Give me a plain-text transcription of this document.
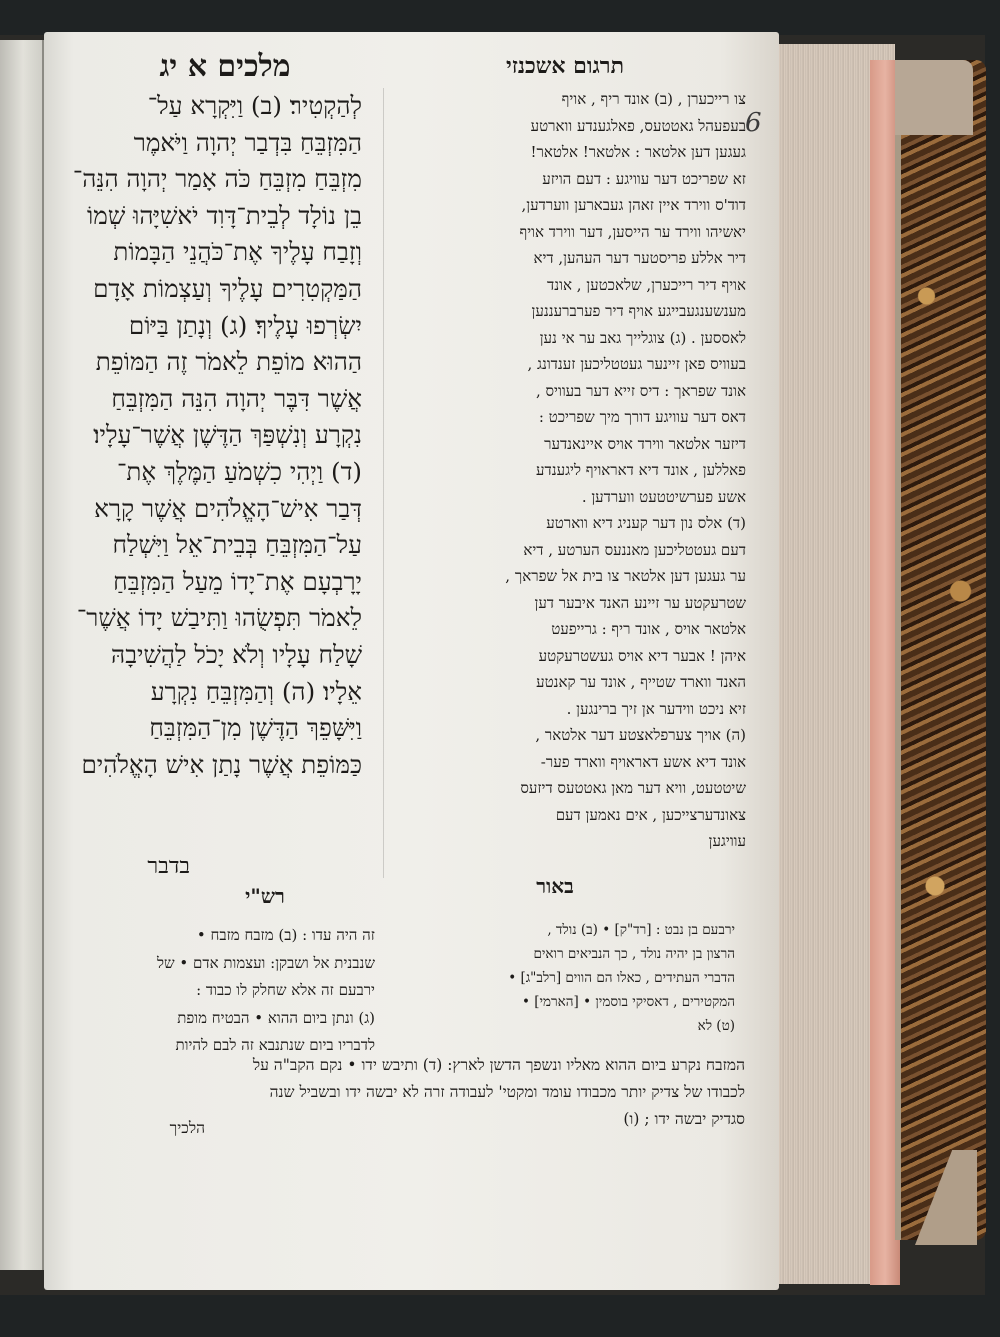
מלכים א יג	תרגום אשכנזי
6
לְהַקְטִיר׃ (ב) וַיִּקְרָא עַל־
הַמִּזְבֵּחַ בִּדְבַר יְהוָה וַיֹּאמֶר
מִזְבֵּחַ מִזְבֵּחַ כֹּה אָמַר יְהוָה הִנֵּה־
בֵן נוֹלָד לְבֵית־דָּוִד יֹאשִׁיָּהוּ שְׁמוֹ
וְזָבַח עָלֶיךָ אֶת־כֹּהֲנֵי הַבָּמוֹת
הַמַּקְטִרִים עָלֶיךָ וְעַצְמוֹת אָדָם
יִשְׂרְפוּ עָלֶיךָ׃ (ג) וְנָתַן בַּיּוֹם
הַהוּא מוֹפֵת לֵאמֹר זֶה הַמּוֹפֵת
אֲשֶׁר דִּבֶּר יְהוָה הִנֵּה הַמִּזְבֵּחַ
נִקְרָע וְנִשְׁפַּךְ הַדֶּשֶׁן אֲשֶׁר־עָלָיו׃
(ד) וַיְהִי כִשְׁמֹעַ הַמֶּלֶךְ אֶת־
דְּבַר אִישׁ־הָאֱלֹהִים אֲשֶׁר קָרָא
עַל־הַמִּזְבֵּחַ בְּבֵית־אֵל וַיִּשְׁלַח
יָרָבְעָם אֶת־יָדוֹ מֵעַל הַמִּזְבֵּחַ
לֵאמֹר תִּפְשֻׂהוּ וַתִּיבַשׁ יָדוֹ אֲשֶׁר־
שָׁלַח עָלָיו וְלֹא יָכֹל לַהֲשִׁיבָהּ
אֵלָיו׃ (ה) וְהַמִּזְבֵּחַ נִקְרָע
וַיִּשָּׁפֵךְ הַדֶּשֶׁן מִן־הַמִּזְבֵּחַ
כַּמּוֹפֵת אֲשֶׁר נָתַן אִישׁ הָאֱלֹהִים
בדבר
צו רייכערן , (ב) אונד ריף , אויף
בעפעהל גאטטעס, פאלגענדע ווארטע
געגען דען אלטאר : אלטאר! אלטאר!
זא שפריכט דער עוויגע : דעם הויזע
דוד'ס ווירד איין זאהן געבארען ווערדען,
יאשיהו ווירד ער הייסען, דער ווירד אויף
דיר אללע פריסטער דער העהען, דיא
אויף דיר רייכערן, שלאכטען , אונד
מענשענגעבייגע אויף דיר פערברעננען
לאססען . (ג) צוגלייך גאב ער אי נען
בעוויס פאן זיינער געטטליכען זענדונג ,
אונד שפראך : דיס זייא דער בעוויס ,
דאס דער עוויגע דורך מיך שפריכט :
דיזער אלטאר ווירד אויס איינאנדער
פאללען , אונד דיא דאראויף ליגענדע
אשע פערשיטטעט ווערדען .
(ד) אלס נון דער קעניג דיא ווארטע
דעם געטטליכען מאננעס הערטע , דיא
ער געגען דען אלטאר צו בית אל שפראך ,
שטרעקטע ער זיינע האנד איבער דען
אלטאר אויס , אונד ריף : גרייפעט
איהן ! אבער דיא אויס געשטרעקטע
האנד ווארד שטייף , אונד ער קאנטע
זיא ניכט ווידער אן זיך ברינגען .
(ה) אויך צערפלאצטע דער אלטאר ,
אונד דיא אשע דאראויף ווארד פער-
שיטטעט, וויא דער מאן גאטטעס דיזעס
צאונדערצייכען , אים נאמען דעם
עוויגען
רש"י	באור
זה היה עדו : (ב) מזבח מזבח •
שנבנית אל ושבקן: ועצמות אדם • של
ירבעם זה אלא שחלק לו כבוד :
(ג) ונתן ביום ההוא • הבטיח מופת
לדבריו ביום שנתנבא זה לבם להיות
ירבעם בן נבט : [רד"ק] • (ב) נולד ,
הרצון בן יהיה נולד , כך הנביאים רואים
הדברי העתידים , כאלו הם הווים [רלב"ג] •
המקטירים , דאסיקי בוסמין • [הארמי] •
(ט) לא
המזבח נקרע ביום ההוא מאליו ונשפך הדשן לארץ: (ד) ותיבש ידו • נקם הקב"ה על
לכבודו של צדיק יותר מכבודו עומד ומקטי' לעבודה זרה לא יבשה ידו ובשביל שנה
סגדיק יבשה ידו ; (ו)
הלכיך
